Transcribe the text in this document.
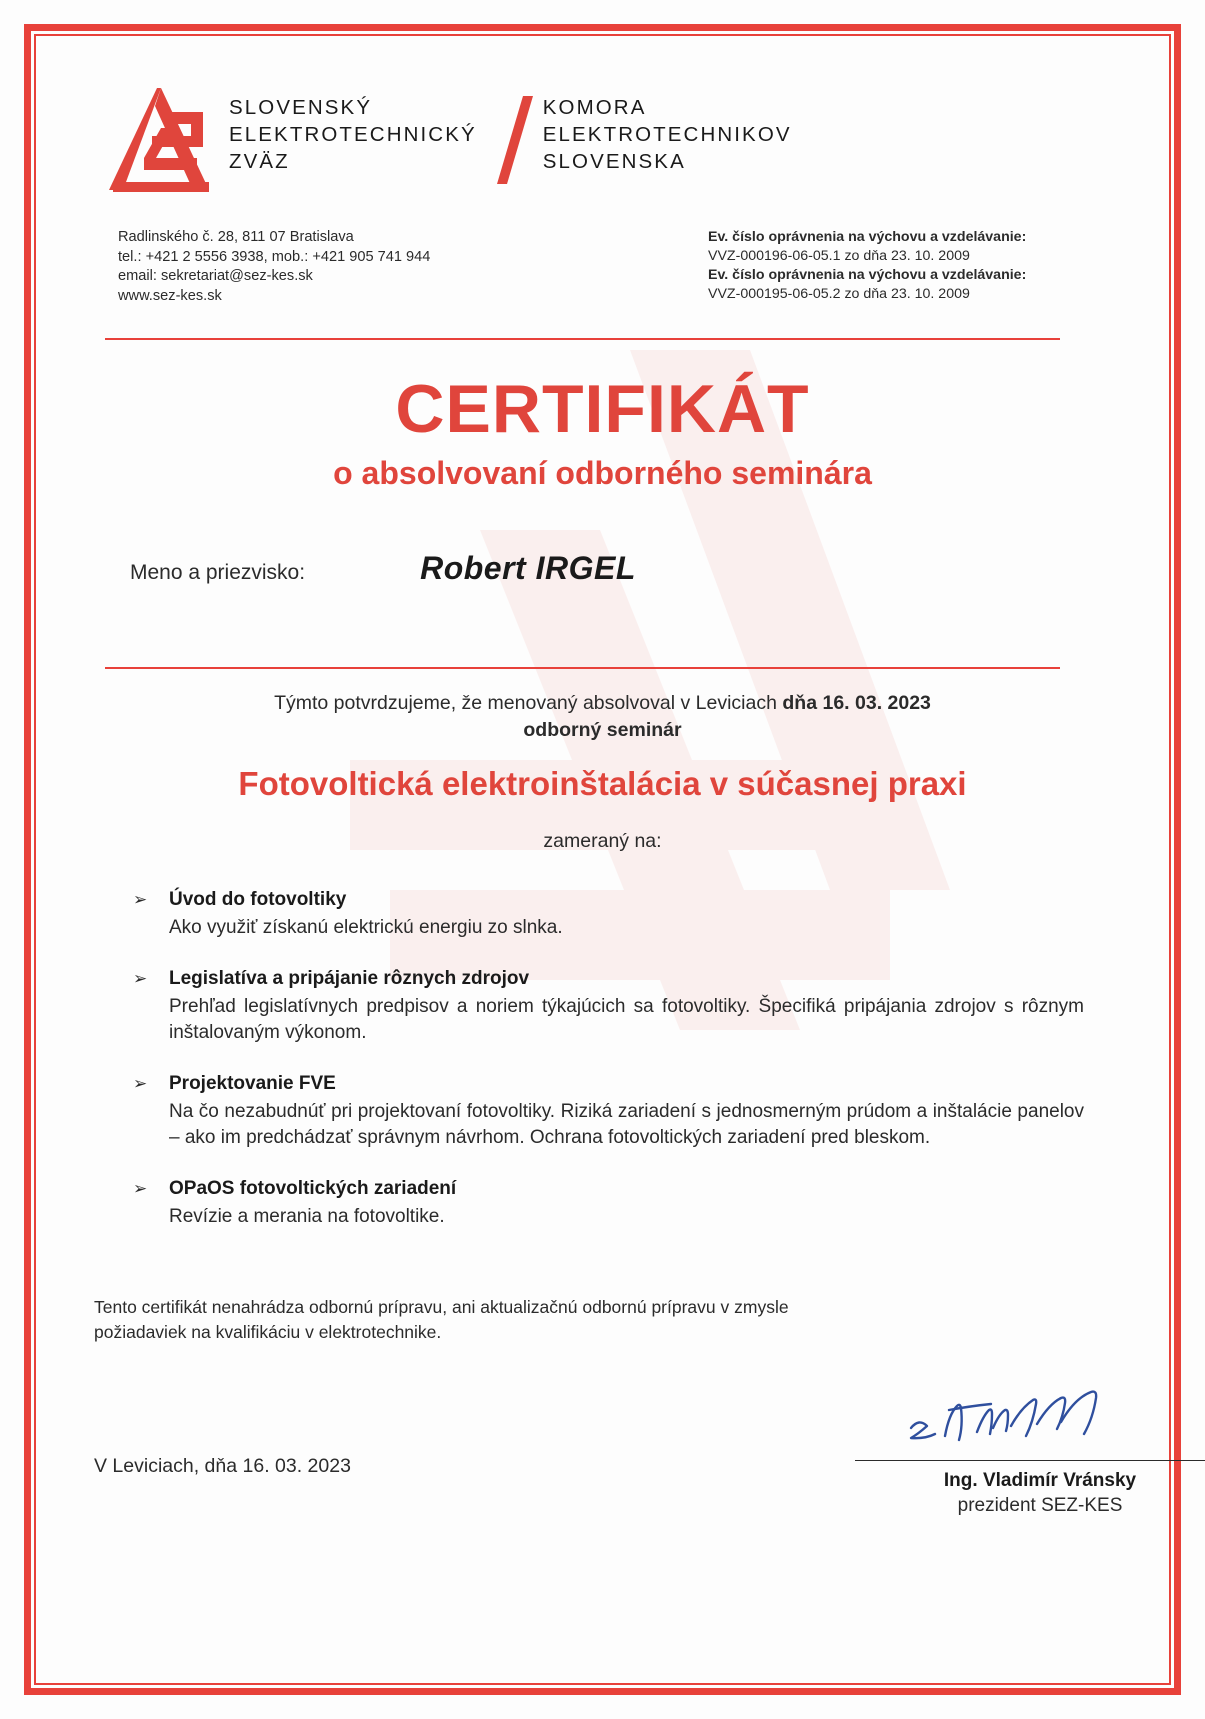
SLOVENSKÝ
ELEKTROTECHNICKÝ
ZVÄZ
KOMORA
ELEKTROTECHNIKOV
SLOVENSKA
Radlinského č. 28, 811 07 Bratislava
tel.: +421 2 5556 3938, mob.: +421 905 741 944
email: sekretariat@sez-kes.sk
www.sez-kes.sk
Ev. číslo oprávnenia na výchovu a vzdelávanie:
VVZ-000196-06-05.1 zo dňa 23. 10. 2009
Ev. číslo oprávnenia na výchovu a vzdelávanie:
VVZ-000195-06-05.2 zo dňa 23. 10. 2009
CERTIFIKÁT
o absolvovaní odborného seminára
Meno a priezvisko:	Robert IRGEL
Týmto potvrdzujeme, že menovaný absolvoval v Leviciach dňa 16. 03. 2023
odborný seminár
Fotovoltická elektroinštalácia v súčasnej praxi
zameraný na:
➢	Úvod do fotovoltiky
Ako využiť získanú elektrickú energiu zo slnka.
➢	Legislatíva a pripájanie rôznych zdrojov
Prehľad legislatívnych predpisov a noriem týkajúcich sa fotovoltiky. Špecifiká pripájania zdrojov s rôznym inštalovaným výkonom.
➢	Projektovanie FVE
Na čo nezabudnúť pri projektovaní fotovoltiky. Riziká zariadení s jednosmerným prúdom a inštalácie panelov – ako im predchádzať správnym návrhom. Ochrana fotovoltických zariadení pred bleskom.
➢	OPaOS fotovoltických zariadení
Revízie a merania na fotovoltike.
Tento certifikát nenahrádza odbornú prípravu, ani aktualizačnú odbornú prípravu v zmysle požiadaviek na kvalifikáciu v elektrotechnike.
V Leviciach, dňa 16. 03. 2023
Ing. Vladimír Vránsky
prezident SEZ-KES
